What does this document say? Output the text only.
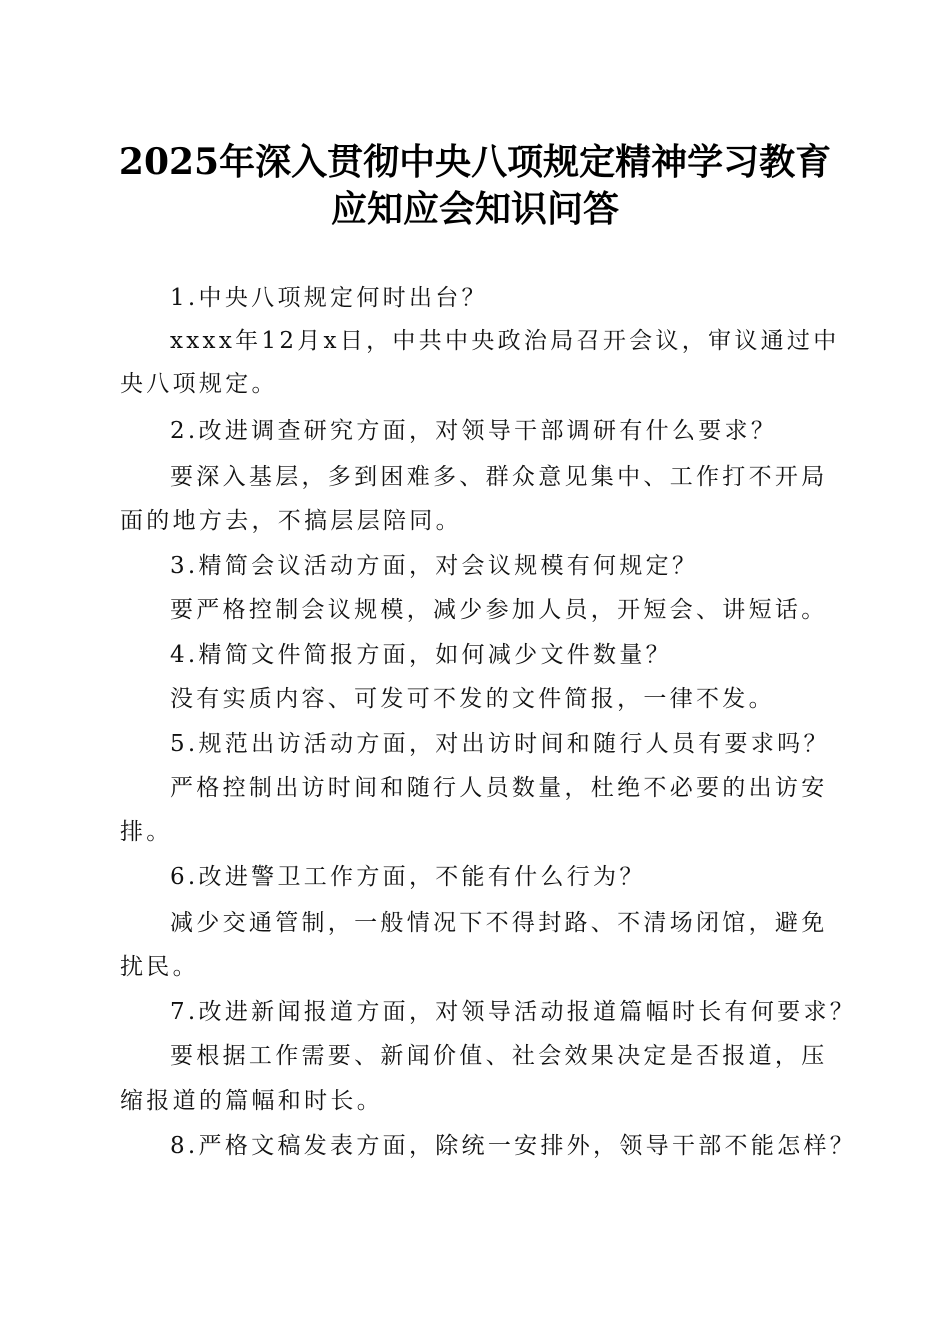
2025年深入贯彻中央八项规定精神学习教育
应知应会知识问答
1.中央八项规定何时出台？
xxxx年12月x日，中共中央政治局召开会议，审议通过中
央八项规定。
2.改进调查研究方面，对领导干部调研有什么要求？
要深入基层，多到困难多、群众意见集中、工作打不开局
面的地方去，不搞层层陪同。
3.精简会议活动方面，对会议规模有何规定？
要严格控制会议规模，减少参加人员，开短会、讲短话。
4.精简文件简报方面，如何减少文件数量？
没有实质内容、可发可不发的文件简报，一律不发。
5.规范出访活动方面，对出访时间和随行人员有要求吗？
严格控制出访时间和随行人员数量，杜绝不必要的出访安
排。
6.改进警卫工作方面，不能有什么行为？
减少交通管制，一般情况下不得封路、不清场闭馆，避免
扰民。
7.改进新闻报道方面，对领导活动报道篇幅时长有何要求？
要根据工作需要、新闻价值、社会效果决定是否报道，压
缩报道的篇幅和时长。
8.严格文稿发表方面，除统一安排外，领导干部不能怎样？
